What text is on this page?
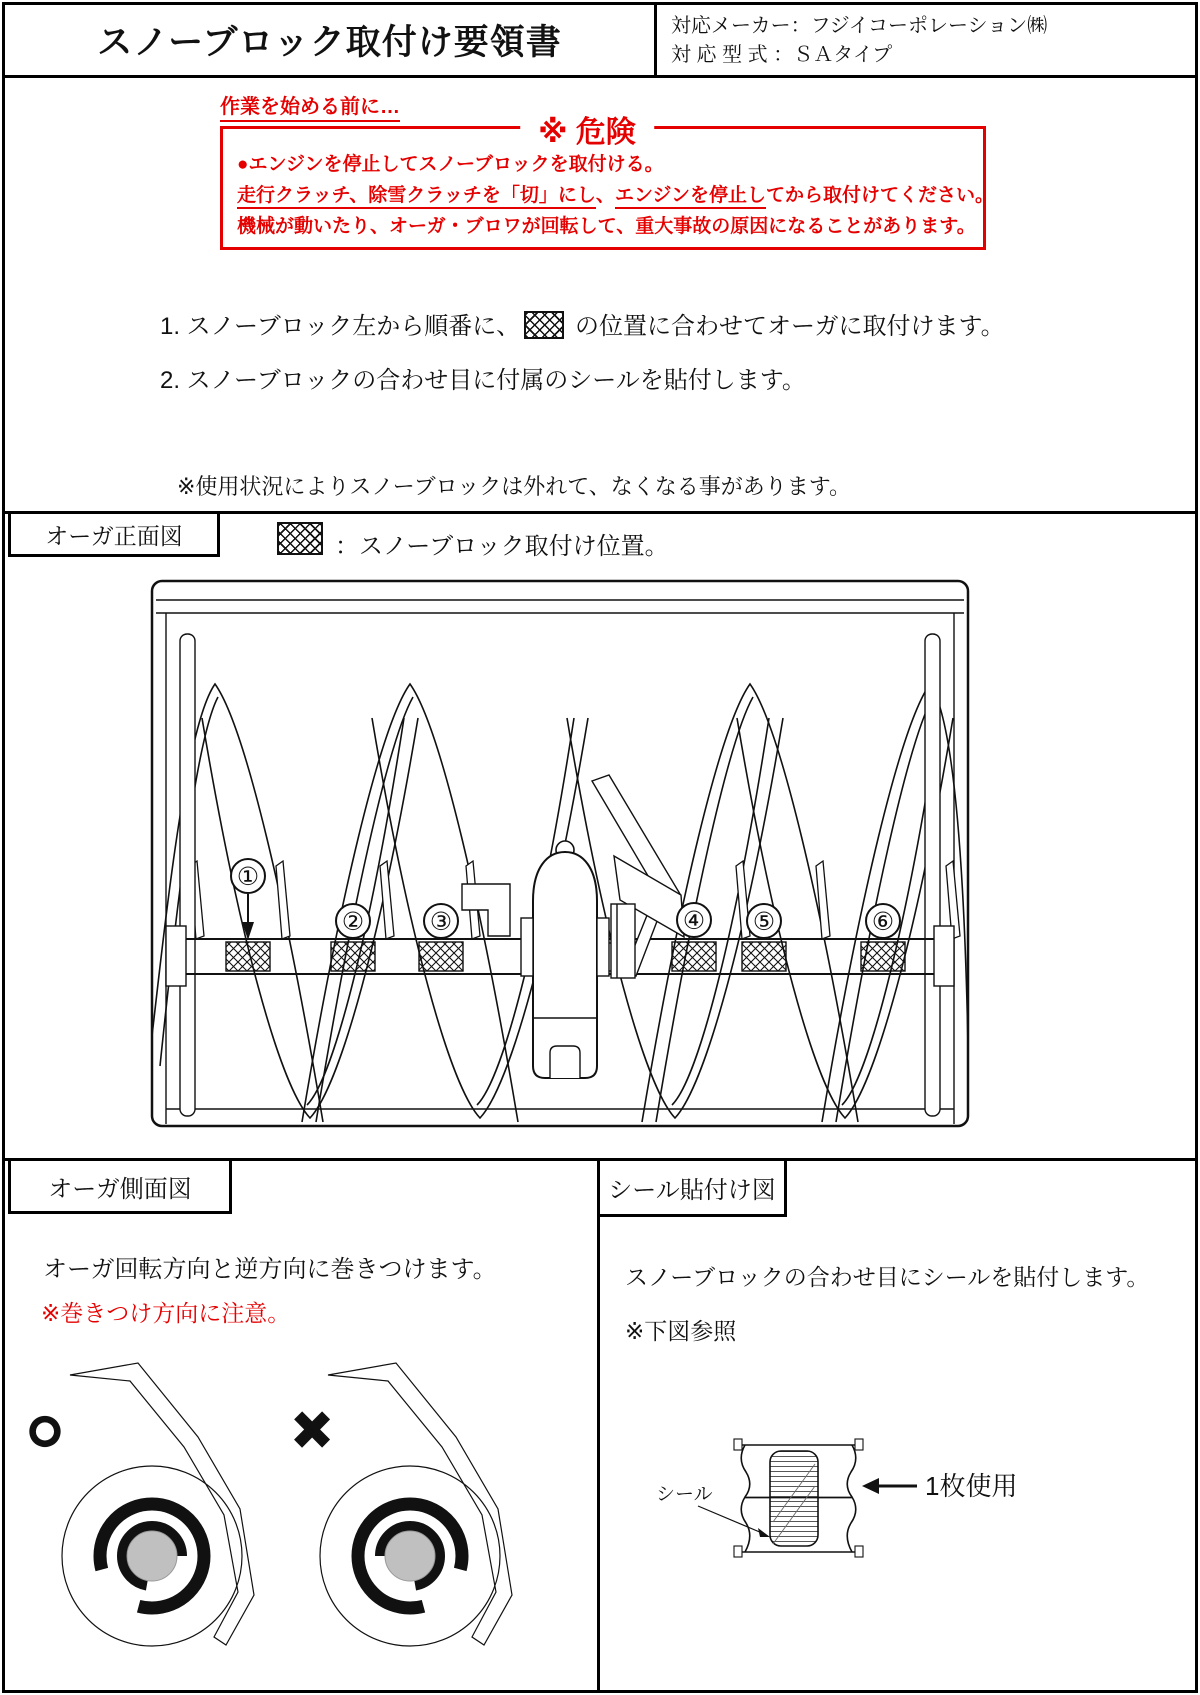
スノーブロック取付け要領書	対応メーカー：フジイコーポレーション㈱
対 応 型 式 ：ＳＡタイプ
作業を始める前に…
※ 危険
●エンジンを停止してスノーブロックを取付ける。
走行クラッチ、除雪クラッチを「切」にし、エンジンを停止してから取付けてください。
機械が動いたり、オーガ・ブロワが回転して、重大事故の原因になることがあります。
1. スノーブロック左から順番に、 の位置に合わせてオーガに取付けます。
2. スノーブロックの合わせ目に付属のシールを貼付します。
※使用状況によりスノーブロックは外れて、なくなる事があります。
オーガ正面図	：スノーブロック取付け位置。
①
②	③	④ ⑤	⑥
オーガ側面図
オーガ回転方向と逆方向に巻きつけます。
※巻きつけ方向に注意。
○	×
シール貼付け図
スノーブロックの合わせ目にシールを貼付します。
※下図参照
シール	1枚使用
